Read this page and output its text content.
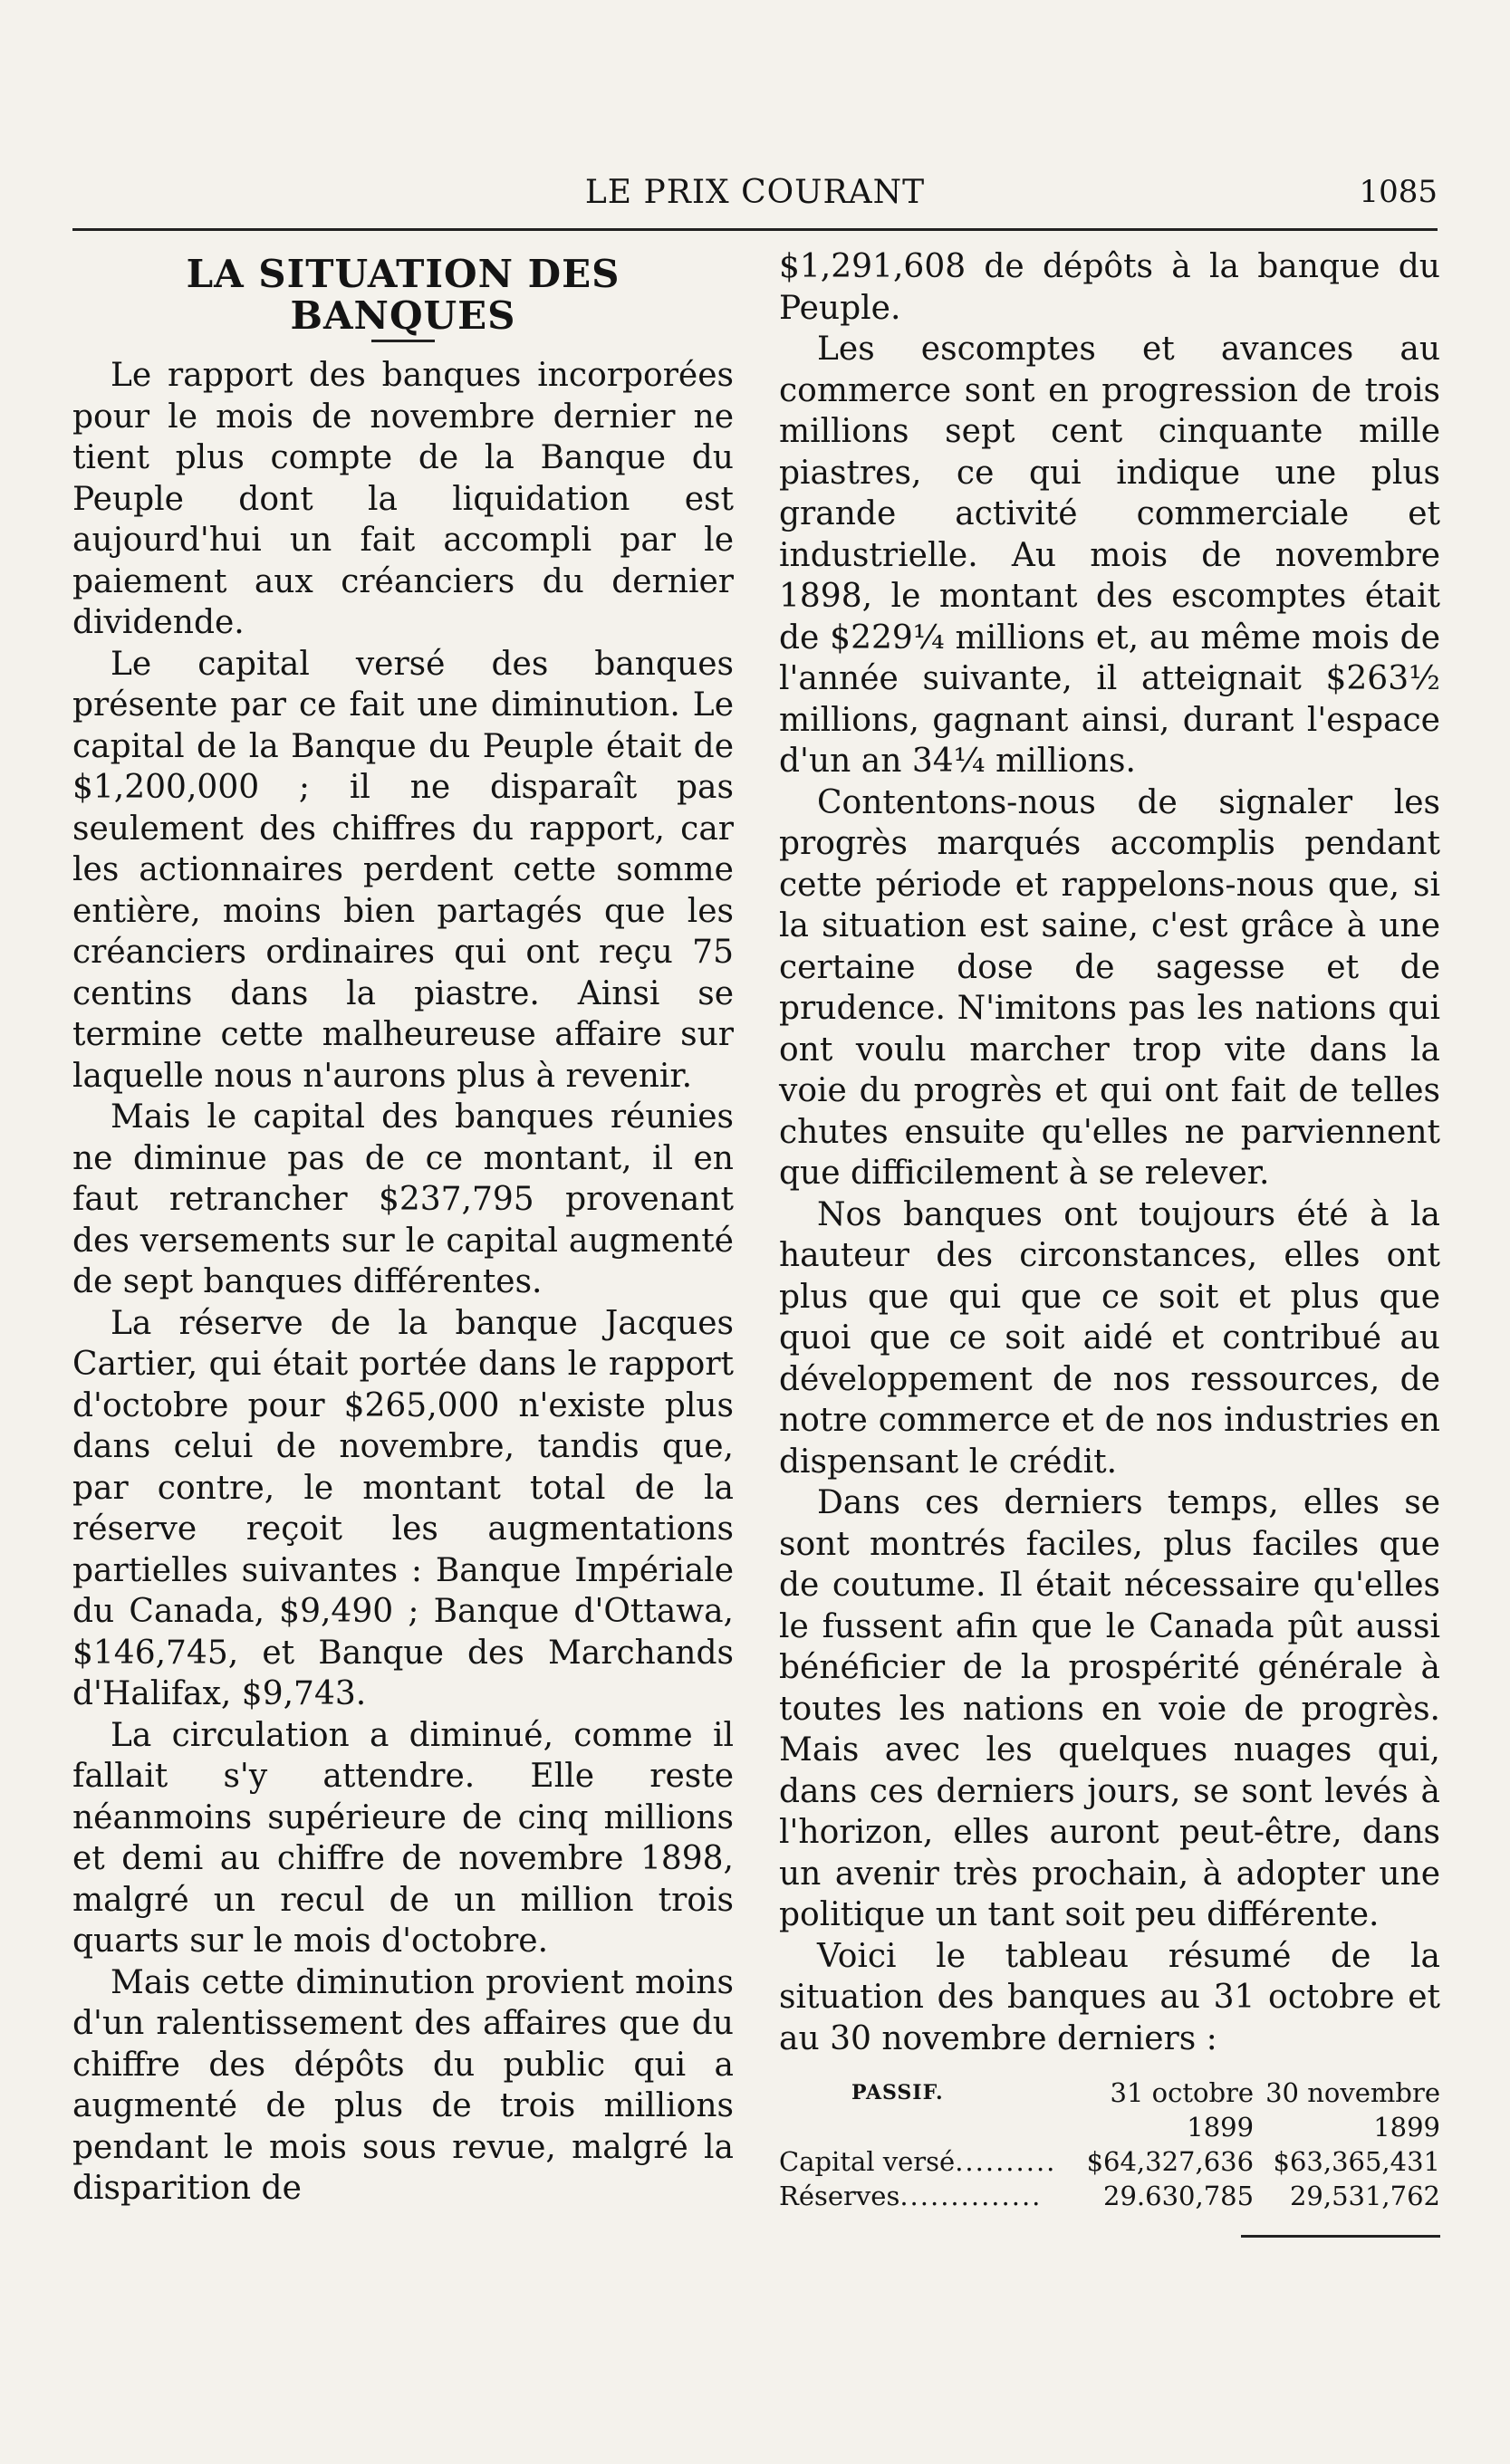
LE PRIX COURANT	1085
LA SITUATION DES BANQUES

Le rapport des banques incorporées pour le mois de novembre dernier ne tient plus compte de la Banque du Peuple dont la liquidation est aujourd'hui un fait accompli par le paiement aux créanciers du dernier dividende.

Le capital versé des banques présente par ce fait une diminution. Le capital de la Banque du Peuple était de $1,200,000 ; il ne disparaît pas seulement des chiffres du rapport, car les actionnaires perdent cette somme entière, moins bien partagés que les créanciers ordinaires qui ont reçu 75 centins dans la piastre. Ainsi se termine cette malheureuse affaire sur laquelle nous n'aurons plus à revenir.

Mais le capital des banques réunies ne diminue pas de ce montant, il en faut retrancher $237,795 provenant des versements sur le capital augmenté de sept banques différentes.

La réserve de la banque Jacques Cartier, qui était portée dans le rapport d'octobre pour $265,000 n'existe plus dans celui de novembre, tandis que, par contre, le montant total de la réserve reçoit les augmentations partielles suivantes : Banque Impériale du Canada, $9,490 ; Banque d'Ottawa, $146,745, et Banque des Marchands d'Halifax, $9,743.

La circulation a diminué, comme il fallait s'y attendre. Elle reste néanmoins supérieure de cinq millions et demi au chiffre de novembre 1898, malgré un recul de un million trois quarts sur le mois d'octobre.

Mais cette diminution provient moins d'un ralentissement des affaires que du chiffre des dépôts du public qui a augmenté de plus de trois millions pendant le mois sous revue, malgré la disparition de

$1,291,608 de dépôts à la banque du Peuple.

Les escomptes et avances au commerce sont en progression de trois millions sept cent cinquante mille piastres, ce qui indique une plus grande activité commerciale et industrielle. Au mois de novembre 1898, le montant des escomptes était de $229¼ millions et, au même mois de l'année suivante, il atteignait $263½ millions, gagnant ainsi, durant l'espace d'un an 34¼ millions.

Contentons-nous de signaler les progrès marqués accomplis pendant cette période et rappelons-nous que, si la situation est saine, c'est grâce à une certaine dose de sagesse et de prudence. N'imitons pas les nations qui ont voulu marcher trop vite dans la voie du progrès et qui ont fait de telles chutes ensuite qu'elles ne parviennent que difficilement à se relever.

Nos banques ont toujours été à la hauteur des circonstances, elles ont plus que qui que ce soit et plus que quoi que ce soit aidé et contribué au développement de nos ressources, de notre commerce et de nos industries en dispensant le crédit.

Dans ces derniers temps, elles se sont montrés faciles, plus faciles que de coutume. Il était nécessaire qu'elles le fussent afin que le Canada pût aussi bénéficier de la prospérité générale à toutes les nations en voie de progrès. Mais avec les quelques nuages qui, dans ces derniers jours, se sont levés à l'horizon, elles auront peut-être, dans un avenir très prochain, à adopter une politique un tant soit peu différente.

Voici le tableau résumé de la situation des banques au 31 octobre et au 30 novembre derniers :

PASSIF.	31 octobre	30 novembre
	1899	1899
Capital versé..........	$64,327,636	$63,365,431
Réserves..............	29.630,785	29,531,762
